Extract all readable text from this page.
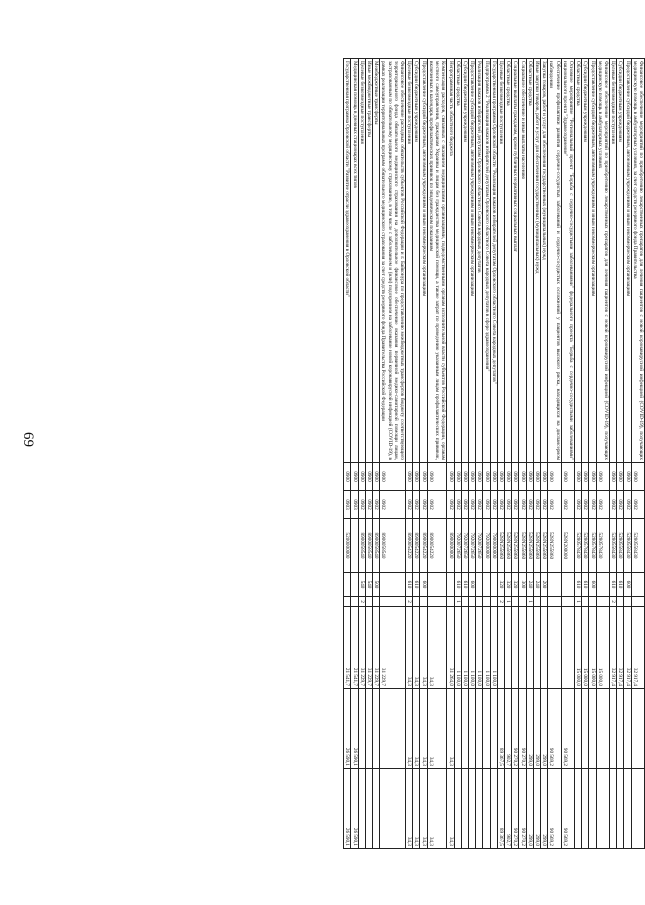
69	Финансовое обеспечение мероприятий по приобретению лекарственных препаратов для лечения пациентов с новой коронавирусной инфекцией (COVID-19), получающих медицинскую помощь в амбулаторных условиях, за счет средств резервного фонда Правительства	0900	0902	5280558430			32 917,4		
Предоставление субсидий бюджетным, автономным учреждениям и иным некоммерческим организациям	0900	0902	5280558430	600		32 917,4		
Субсидии бюджетным учреждениям	0900	0902	5280558430	610		32 917,4		
Целевые безвозмездные поступления	0900	0902	5280558430	610	2	32 917,4		
Финансовое обеспечение мероприятий по приобретению лекарственных препаратов для лечения пациентов с новой коронавирусной инфекцией (COVID-19), получающих медицинскую помощь в амбулаторных условиях	0900	0902	5280578430			15 000,0		
Предоставление субсидий бюджетным, автономным учреждениям и иным некоммерческим организациям	0900	0902	5280578430	600		15 000,0		
Субсидии бюджетным учреждениям	0900	0902	5280578430	610		15 000,0		
Областные средства	0900	0902	5280578430	610	1	15 000,0		
Основное мероприятие "Региональный проект "Борьба с сердечно-сосудистыми заболеваниями" федерального проекта "Борьба с сердечно-сосудистыми заболеваниями" национального проекта "Здравоохранение"	0900	0902	528N200000				90 569,2	90 569,2
Обеспечение профилактики развития сердечно-сосудистых заболеваний и сердечно-сосудистых осложнений у пациентов высокого риска, находящихся на диспансерном наблюдении	0900	0902	528N255860				90 569,2	90 569,2
Закупка товаров, работ и услуг для обеспечения государственных (муниципальных) нужд	0900	0902	528N255860	200			299,0	299,0
Иные закупки товаров, работ и услуг для обеспечения государственных (муниципальных) нужд	0900	0902	528N255860	240			299,0	299,0
Областные средства	0900	0902	528N255860	240	1		299,0	299,0
Социальное обеспечение и иные выплаты населению	0900	0902	528N255860	300			90 270,2	90 270,2
Социальные выплаты гражданам, кроме публичных нормативных социальных выплат	0900	0902	528N255860	320			90 270,2	90 270,2
Областные средства	0900	0902	528N255860	320	1		902,7	902,7
Целевые безвозмездные поступления	0900	0902	528N255860	320	2		89 367,5	89 367,5
Государственная программа Орловской области "Реализация наказов избирателей депутатам Орловского областного Совета народных депутатов"	0900	0902	7900000000			1 100,0		
Подпрограмма 2 "Реализация наказов избирателей депутатам Орловского областного Совета народных депутатов в сфере здравоохранения"	0900	0902	7920000000			1 100,0		
Реализация наказов избирателей депутатам Орловского областного Совета народных депутатов	0900	0902	7920072650			1 100,0		
Предоставление субсидий бюджетным, автономным учреждениям и иным некоммерческим организациям	0900	0902	7920072650	600		1 100,0		
Субсидии бюджетным учреждениям	0900	0902	7920072650	610		1 100,0		
Областные средства	0900	0902	7920072650	610	1	1 100,0		
Непрограммная часть областного бюджета	0900	0902	8900000000			31 264,0	34,3	34,3
Компенсация расходов, связанных с оказанием медицинскими организациями, подведомственными органам исполнительной власти субъектов Российской Федерации, органам местного самоуправления, гражданам Украины и лицам без гражданства медицинской помощи, а также затрат по проведению указанным лицам профилактических прививок, включенных в календарь профилактических прививок по эпидемическим показаниям	0900	0902	8900054220			34,3	34,3	34,3
Предоставление субсидий бюджетным, автономным учреждениям и иным некоммерческим организациям	0900	0902	8900054220	600		34,3	34,3	34,3
Субсидии бюджетным учреждениям	0900	0902	8900054220	610		34,3	34,3	34,3
Целевые безвозмездные поступления	0900	0902	8900054220	610	2	34,3	34,3	34,3
Финансовое обеспечение расходных обязательств субъектов Российской Федерации и г. Байконура по предоставлению межбюджетных трансфертов бюджету соответствующего территориального фонда обязательного медицинского страхования на дополнительное финансовое обеспечение оказания первичной медико-санитарной помощи лицам, застрахованным по обязательному медицинскому страхованию, в том числе с заболеванием и (или) подозрением на заболевание новой коронавирусной инфекцией (COVID-19), в рамках реализации территориальных программ обязательного медицинского страхования за счет средств резервного фонда Правительства Российской Федерации	0900	0902	8900058540			31 229,7		
Межбюджетные трансферты	0900	0902	8900058540	500		31 229,7		
Иные межбюджетные трансферты	0900	0902	8900058540	540		31 229,7		
Целевые безвозмездные поступления	0900	0902	8900058540	540	2	31 229,7		
Медицинская помощь в дневных стационарах всех типов	0900	0903				21 541,7	26 590,1	26 590,1
Государственная программа Орловской области "Развитие отрасли здравоохранения в Орловской области"	0900	0903	5200000000			21 541,7	26 590,1	26 590,1
